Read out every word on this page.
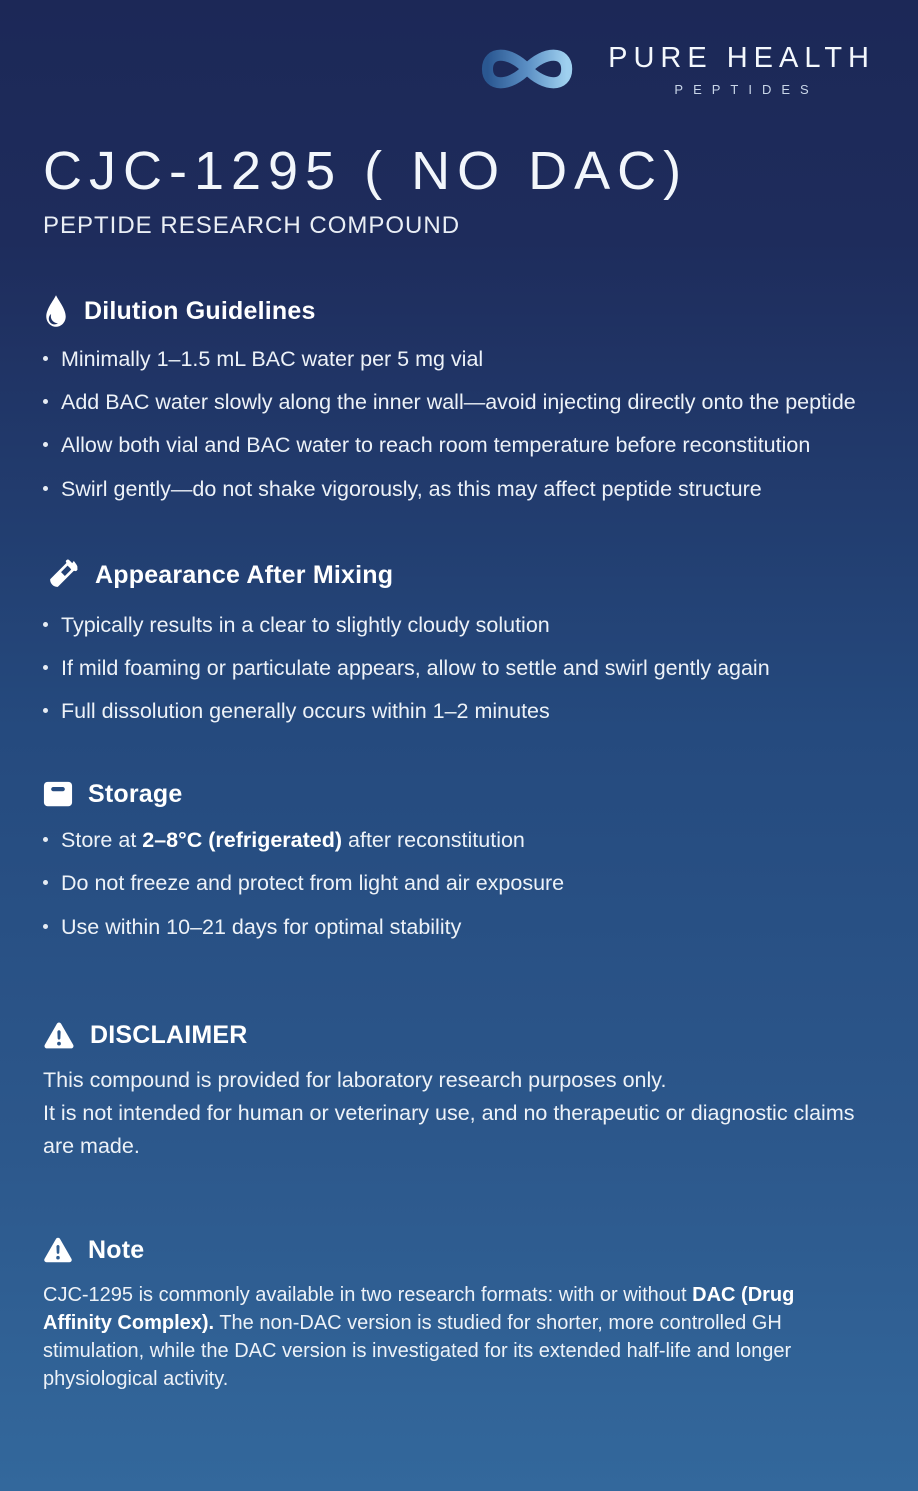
PURE HEALTH
PEPTIDES
CJC-1295 ( NO DAC)
PEPTIDE RESEARCH COMPOUND
Dilution Guidelines
Minimally 1–1.5 mL BAC water per 5 mg vial
Add BAC water slowly along the inner wall—avoid injecting directly onto the peptide
Allow both vial and BAC water to reach room temperature before reconstitution
Swirl gently—do not shake vigorously, as this may affect peptide structure
Appearance After Mixing
Typically results in a clear to slightly cloudy solution
If mild foaming or particulate appears, allow to settle and swirl gently again
Full dissolution generally occurs within 1–2 minutes
Storage
Store at 2–8°C (refrigerated) after reconstitution
Do not freeze and protect from light and air exposure
Use within 10–21 days for optimal stability
DISCLAIMER

This compound is provided for laboratory research purposes only.

It is not intended for human or veterinary use, and no therapeutic or diagnostic claims are made.

Note

CJC-1295 is commonly available in two research formats: with or without DAC (Drug Affinity Complex). The non-DAC version is studied for shorter, more controlled GH stimulation, while the DAC version is investigated for its extended half-life and longer physiological activity.
